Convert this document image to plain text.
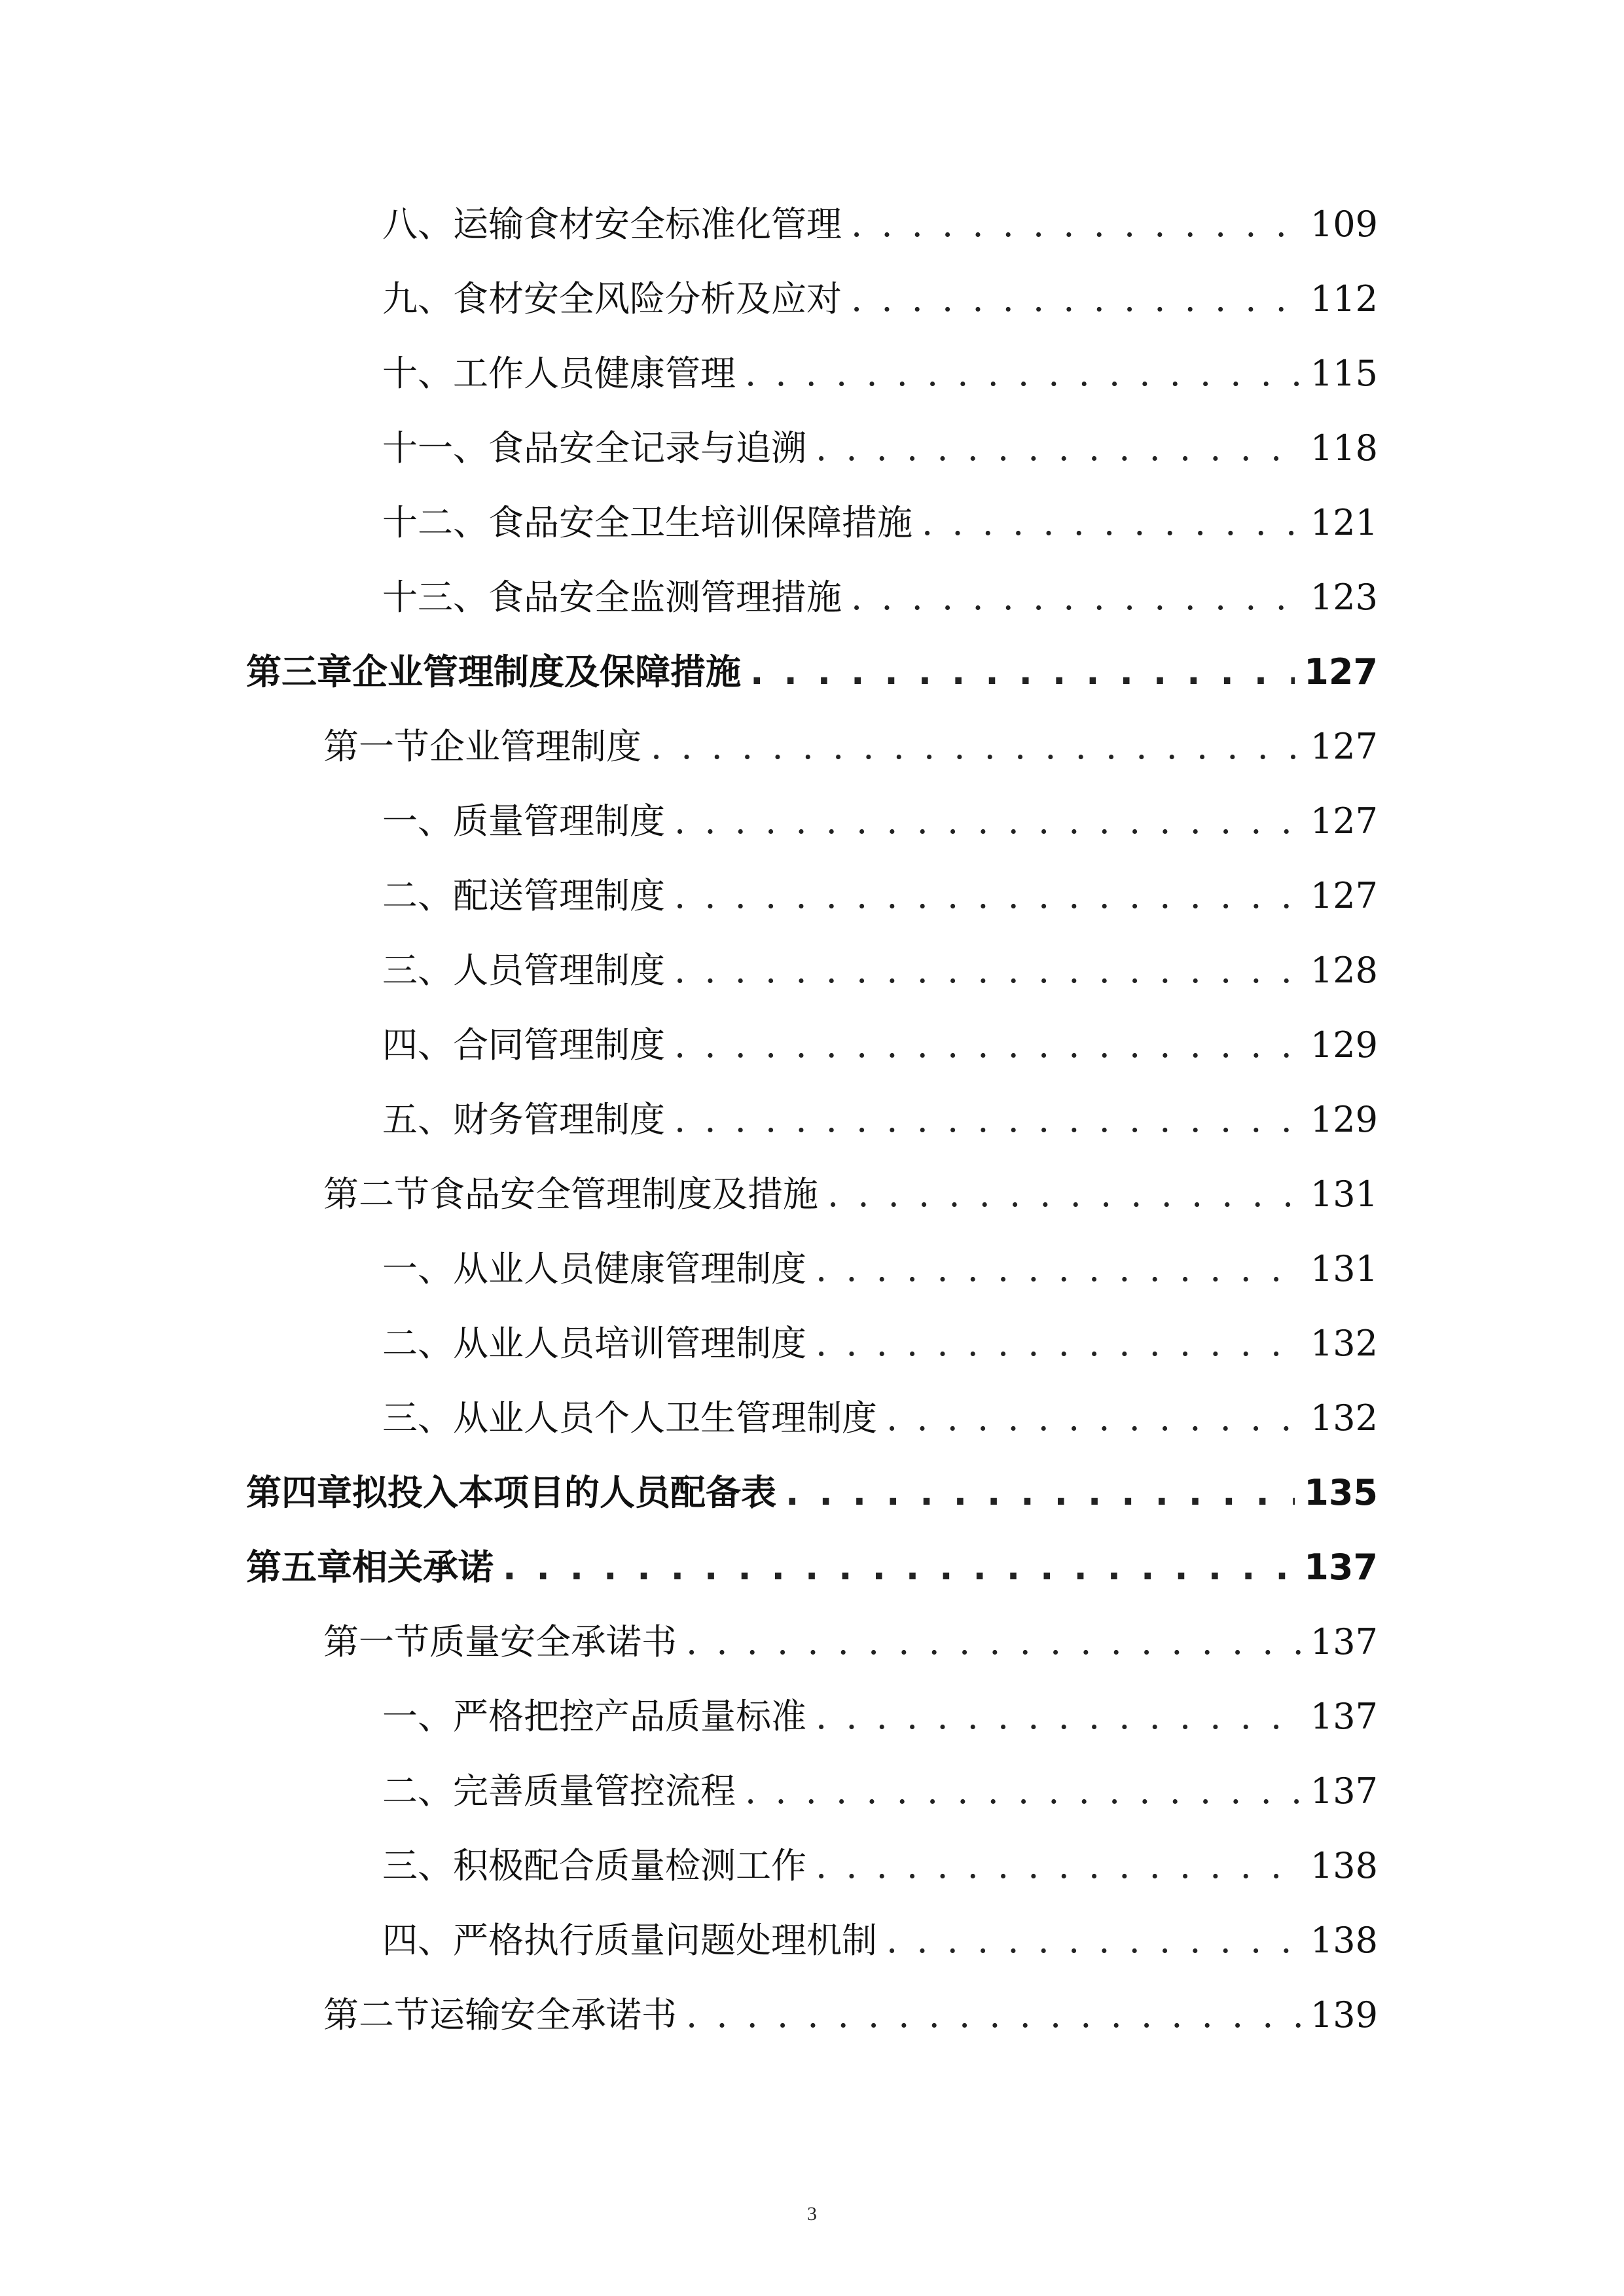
八、 运输食材安全标准化管理 . . .	109
九、 食材安全风险分析及应对 . . .	112
十、 工作人员健康管理 . . .	115
十一、 食品安全记录与追溯 . . .	118
十二、 食品安全卫生培训保障措施 . . .	121
十三、 食品安全监测管理措施 . . .	123
第三章 企业管理制度及保障措施 . . .	127
第一节 企业管理制度 . . .	127
一、 质量管理制度 . . .	127
二、 配送管理制度 . . .	127
三、 人员管理制度 . . .	128
四、 合同管理制度 . . .	129
五、 财务管理制度 . . .	129
第二节 食品安全管理制度及措施 . . .	131
一、 从业人员健康管理制度 . . .	131
二、 从业人员培训管理制度 . . .	132
三、 从业人员个人卫生管理制度 . . .	132
第四章 拟投入本项目的人员配备表 . . .	135
第五章 相关承诺 . . .	137
第一节 质量安全承诺书 . . .	137
一、 严格把控产品质量标准 . . .	137
二、 完善质量管控流程 . . .	137
三、 积极配合质量检测工作 . . .	138
四、 严格执行质量问题处理机制 . . .	138
第二节 运输安全承诺书 . . .	139
3
